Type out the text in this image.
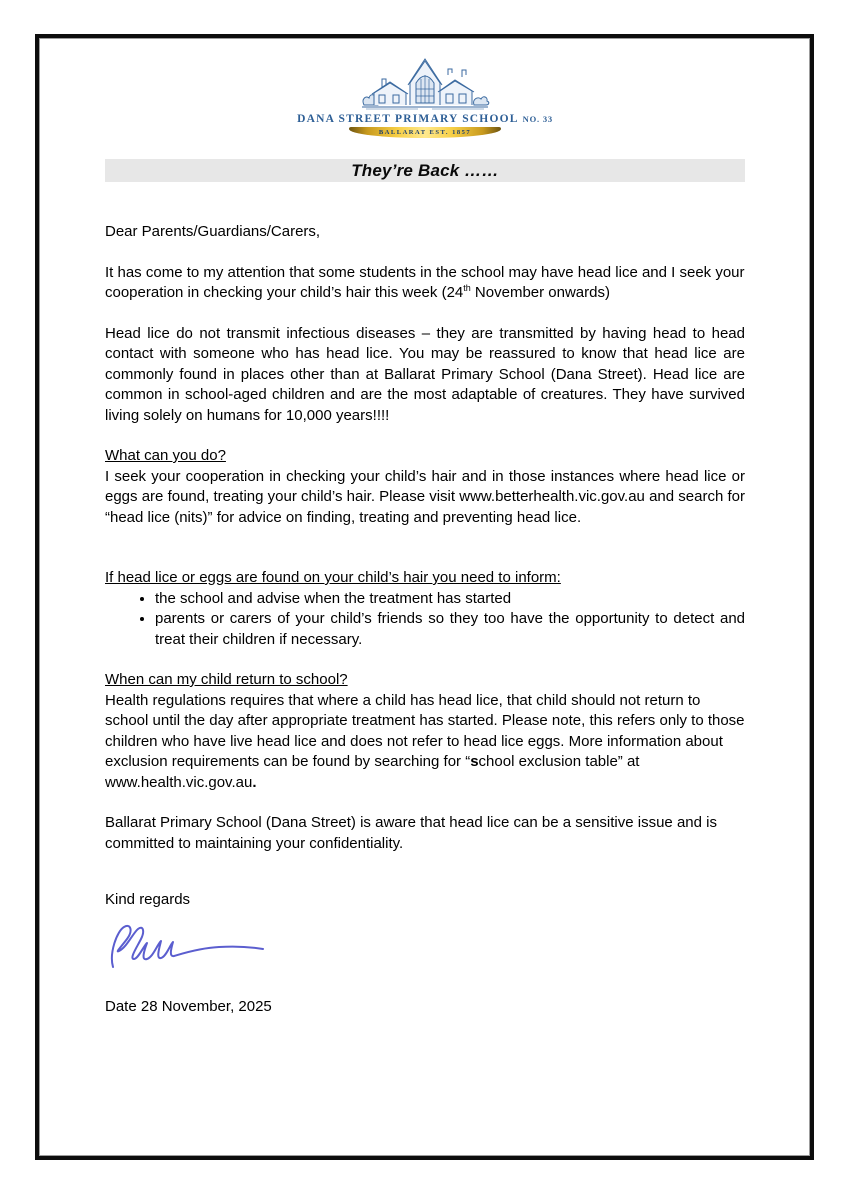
DANA STREET PRIMARY SCHOOL NO. 33
BALLARAT EST. 1857
They’re Back ……

Dear Parents/Guardians/Carers,

It has come to my attention that some students in the school may have head lice and I seek your cooperation in checking your child’s hair this week (24th November onwards)

Head lice do not transmit infectious diseases – they are transmitted by having head to head contact with someone who has head lice. You may be reassured to know that head lice are commonly found in places other than at Ballarat Primary School (Dana Street). Head lice are common in school-aged children and are the most adaptable of creatures. They have survived living solely on humans for 10,000 years!!!!

What can you do?

I seek your cooperation in checking your child’s hair and in those instances where head lice or eggs are found, treating your child’s hair. Please visit www.betterhealth.vic.gov.au and search for “head lice (nits)” for advice on finding, treating and preventing head lice.

If head lice or eggs are found on your child’s hair you need to inform:

• the school and advise when the treatment has started
• parents or carers of your child’s friends so they too have the opportunity to detect and treat their children if necessary.

When can my child return to school?

Health regulations requires that where a child has head lice, that child should not return to school until the day after appropriate treatment has started. Please note, this refers only to those children who have live head lice and does not refer to head lice eggs. More information about exclusion requirements can be found by searching for “school exclusion table” at www.health.vic.gov.au.

Ballarat Primary School (Dana Street) is aware that head lice can be a sensitive issue and is committed to maintaining your confidentiality.

Kind regards

Date 28 November, 2025
